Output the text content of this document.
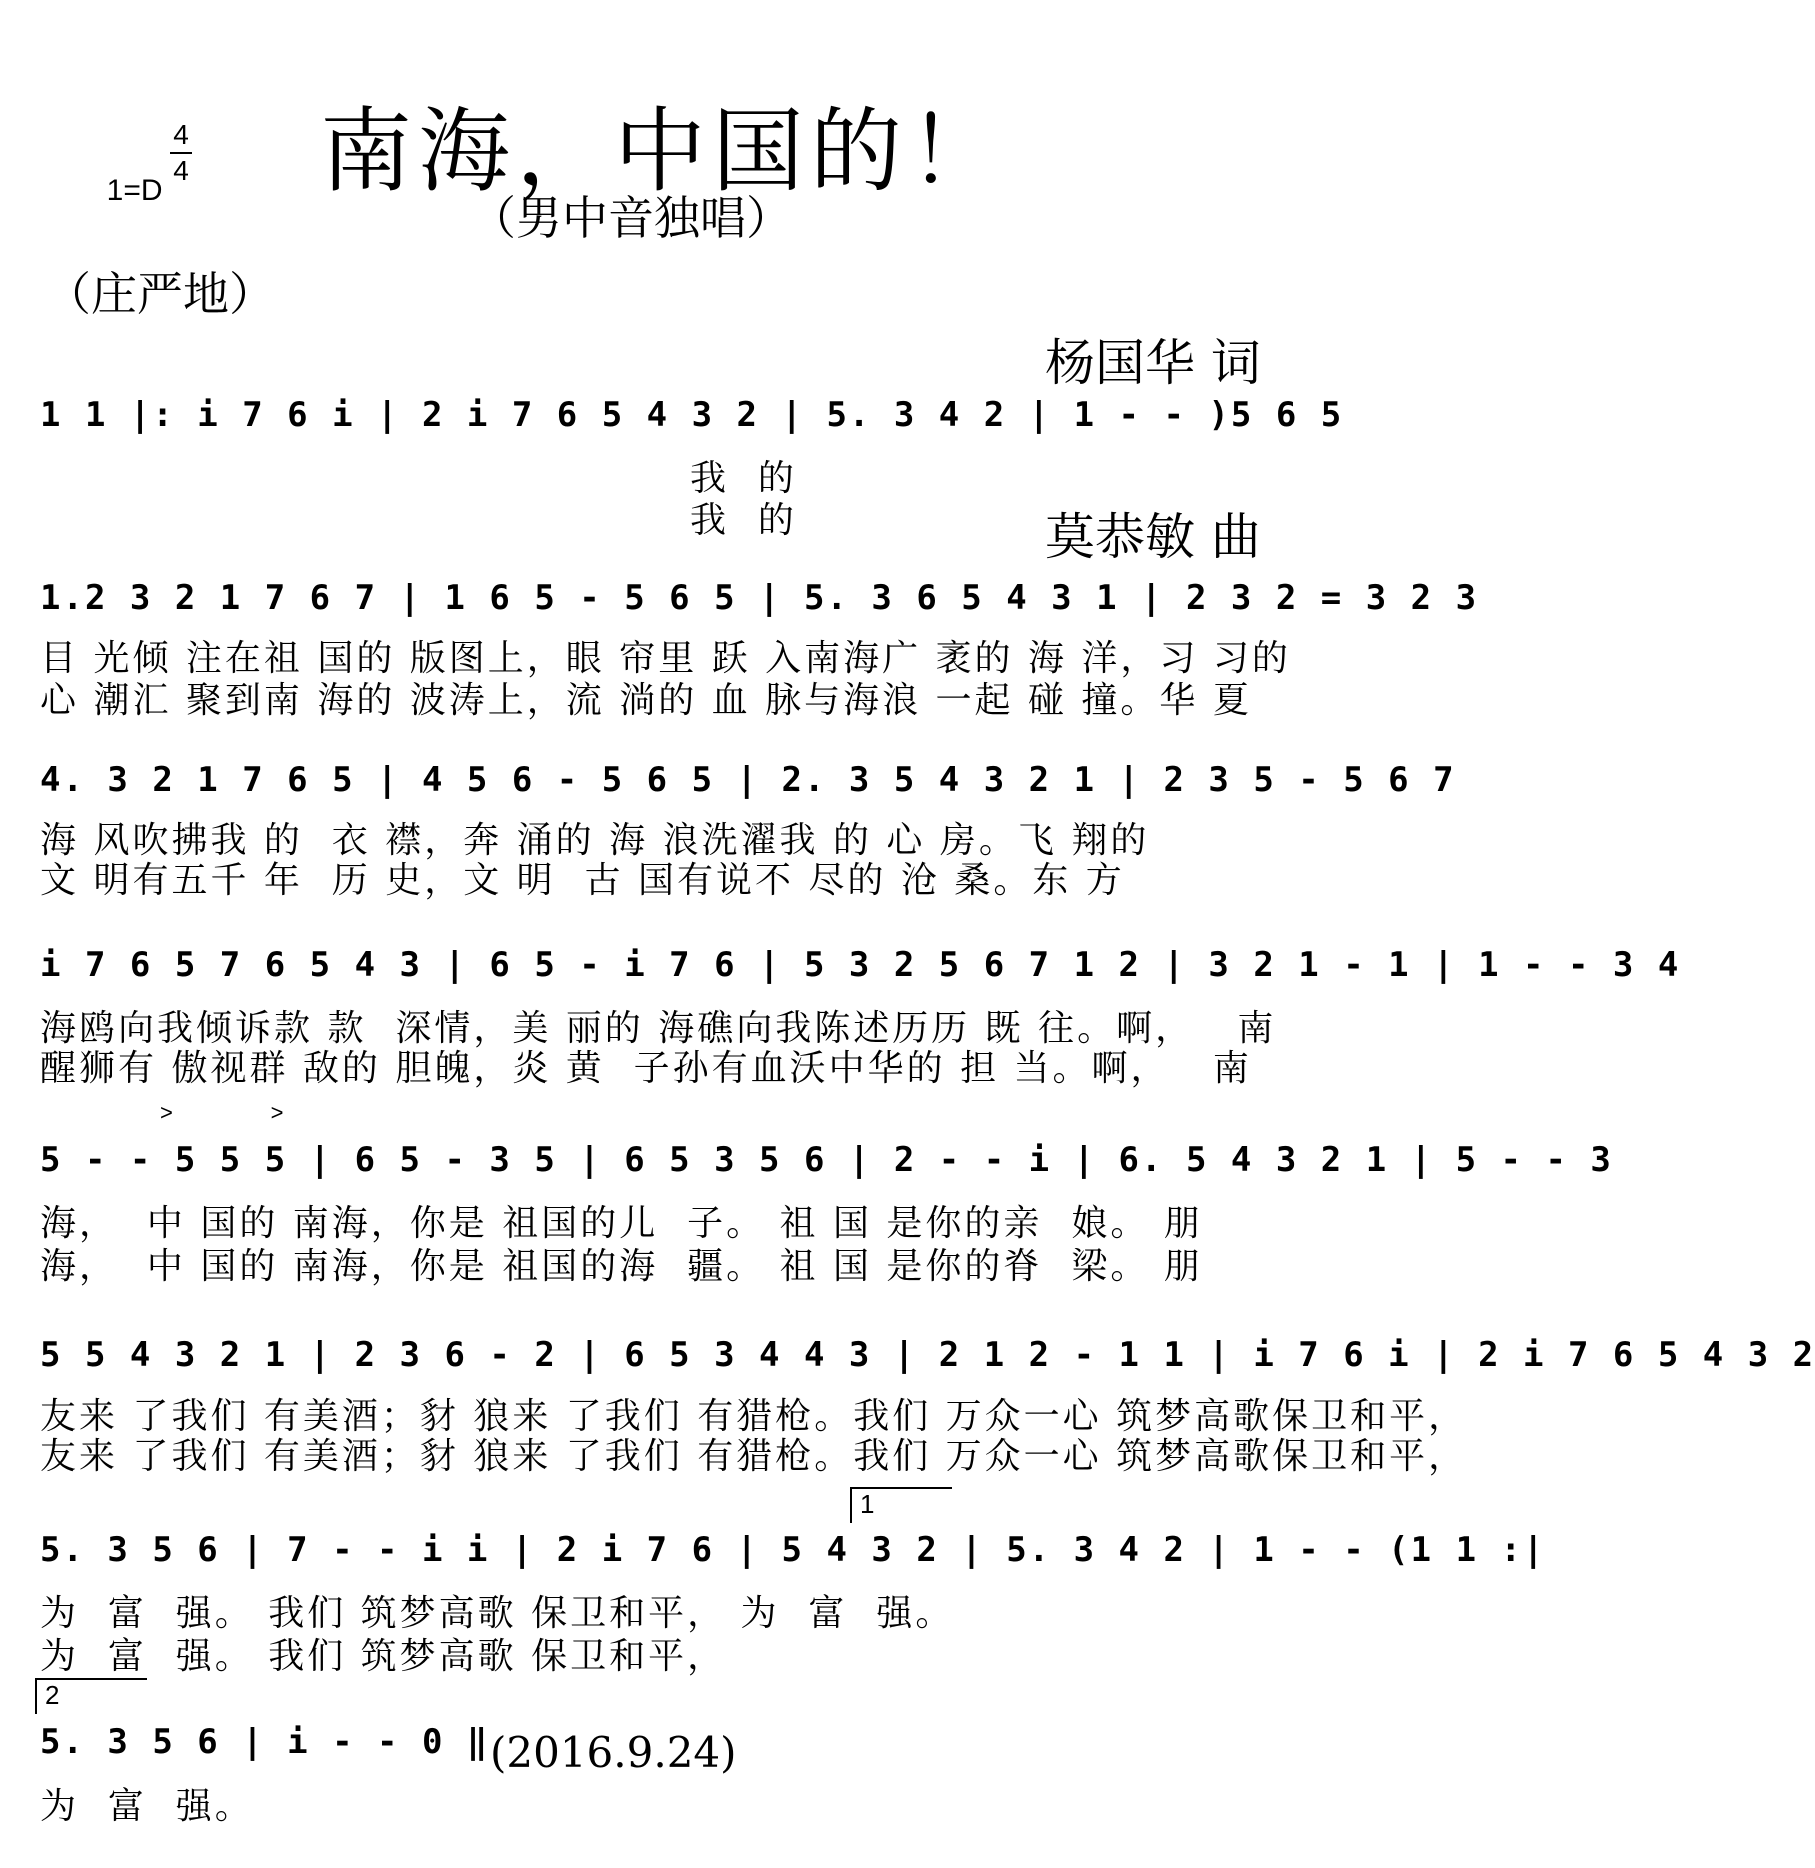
1=D

4
4 南海，中国的！
（男中音独唱）

杨国华 词

莫恭敏 曲

（庄严地）
1 1 |: i 7 6 i | 2 i 7 6 5 4 3 2 | 5. 3 4 2 | 1 - - )5 6 5
我  的
我  的
1.2 3 2 1 7 6 7 | 1 6 5 - 5 6 5 | 5. 3 6 5 4 3 1 | 2 3 2 = 3 2 3
目 光倾 注在祖 国的 版图上，眼 帘里 跃 入南海广 袤的 海 洋，习 习的
心 潮汇 聚到南 海的 波涛上，流 淌的 血 脉与海浪 一起 碰 撞。华 夏
4. 3 2 1 7 6 5 | 4 5 6 - 5 6 5 | 2. 3 5 4 3 2 1 | 2 3 5 - 5 6 7
海 风吹拂我 的  衣 襟，奔 涌的 海 浪洗濯我 的 心 房。飞 翔的
文 明有五千 年  历 史，文 明  古 国有说不 尽的 沧 桑。东 方
i 7 6 5 7 6 5 4 3 | 6 5 - i 7 6 | 5 3 2 5 6 7 1 2 | 3 2 1 - 1 | 1 - - 3 4
海鸥向我倾诉款 款  深情，美 丽的 海礁向我陈述历历 既 往。啊，   南
醒狮有 傲视群 敌的 胆魄，炎 黄  子孙有血沃中华的 担 当。啊，   南
>                >
5 - - 5 5 5 | 6 5 - 3 5 | 6 5 3 5 6 | 2 - - i | 6. 5 4 3 2 1 | 5 - - 3
海，  中 国的 南海，你是 祖国的儿  子。 祖 国 是你的亲  娘。 朋
海，  中 国的 南海，你是 祖国的海  疆。 祖 国 是你的脊  梁。 朋
5 5 4 3 2 1 | 2 3 6 - 2 | 6 5 3 4 4 3 | 2 1 2 - 1 1 | i 7 6 i | 2 i 7 6 5 4 3 2
友来 了我们 有美酒；豺 狼来 了我们 有猎枪。我们 万众一心 筑梦高歌保卫和平，
友来 了我们 有美酒；豺 狼来 了我们 有猎枪。我们 万众一心 筑梦高歌保卫和平，
1
5. 3 5 6 | 7 - - i i | 2 i 7 6 | 5 4 3 2 | 5. 3 4 2 | 1 - - (1 1 :|
为  富  强。 我们 筑梦高歌 保卫和平， 为  富  强。
为  富  强。 我们 筑梦高歌 保卫和平，
2
5. 3 5 6 | i - - 0 ‖
为  富  强。
(2016.9.24)
